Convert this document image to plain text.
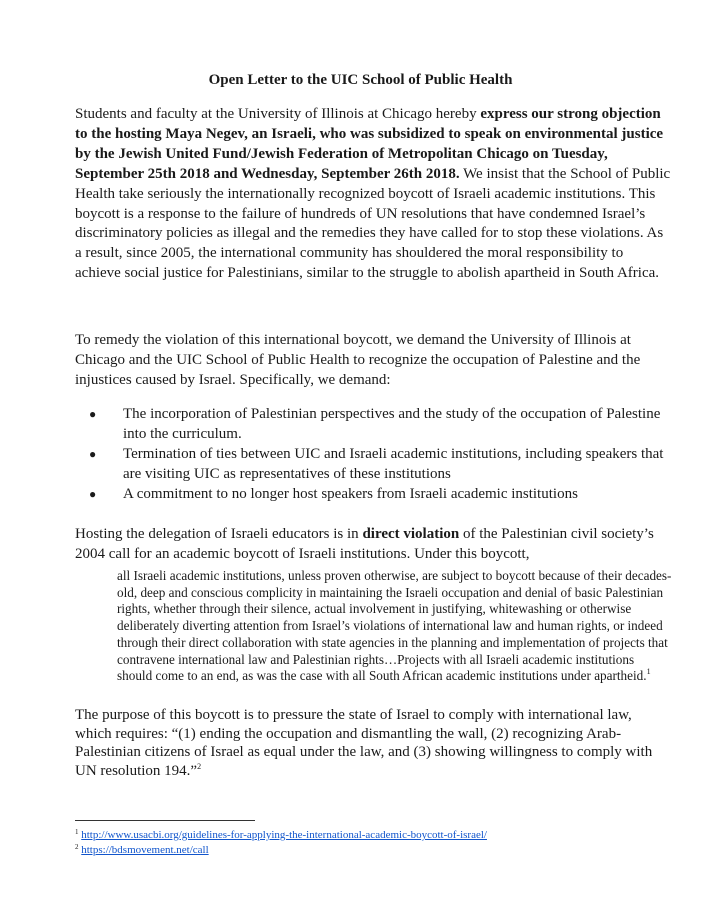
Open Letter to the UIC School of Public Health

Students and faculty at the University of Illinois at Chicago hereby express our strong objection to the hosting Maya Negev, an Israeli, who was subsidized to speak on environmental justice by the Jewish United Fund/Jewish Federation of Metropolitan Chicago on Tuesday, September 25th 2018 and Wednesday, September 26th 2018. We insist that the School of Public Health take seriously the internationally recognized boycott of Israeli academic institutions. This boycott is a response to the failure of hundreds of UN resolutions that have condemned Israel’s discriminatory policies as illegal and the remedies they have called for to stop these violations. As a result, since 2005, the international community has shouldered the moral responsibility to achieve social justice for Palestinians, similar to the struggle to abolish apartheid in South Africa.

To remedy the violation of this international boycott, we demand the University of Illinois at Chicago and the UIC School of Public Health to recognize the occupation of Palestine and the injustices caused by Israel. Specifically, we demand:

● The incorporation of Palestinian perspectives and the study of the occupation of Palestine into the curriculum.
● Termination of ties between UIC and Israeli academic institutions, including speakers that are visiting UIC as representatives of these institutions
● A commitment to no longer host speakers from Israeli academic institutions

Hosting the delegation of Israeli educators is in direct violation of the Palestinian civil society’s 2004 call for an academic boycott of Israeli institutions. Under this boycott,

all Israeli academic institutions, unless proven otherwise, are subject to boycott because of their decades-old, deep and conscious complicity in maintaining the Israeli occupation and denial of basic Palestinian rights, whether through their silence, actual involvement in justifying, whitewashing or otherwise deliberately diverting attention from Israel’s violations of international law and human rights, or indeed through their direct collaboration with state agencies in the planning and implementation of projects that contravene international law and Palestinian rights…Projects with all Israeli academic institutions should come to an end, as was the case with all South African academic institutions under apartheid.$^1$

The purpose of this boycott is to pressure the state of Israel to comply with international law, which requires: “(1) ending the occupation and dismantling the wall, (2) recognizing Arab-Palestinian citizens of Israel as equal under the law, and (3) showing willingness to comply with UN resolution 194.”$^2$

$^1$ http://www.usacbi.org/guidelines-for-applying-the-international-academic-boycott-of-israel/
$^2$ https://bdsmovement.net/call
